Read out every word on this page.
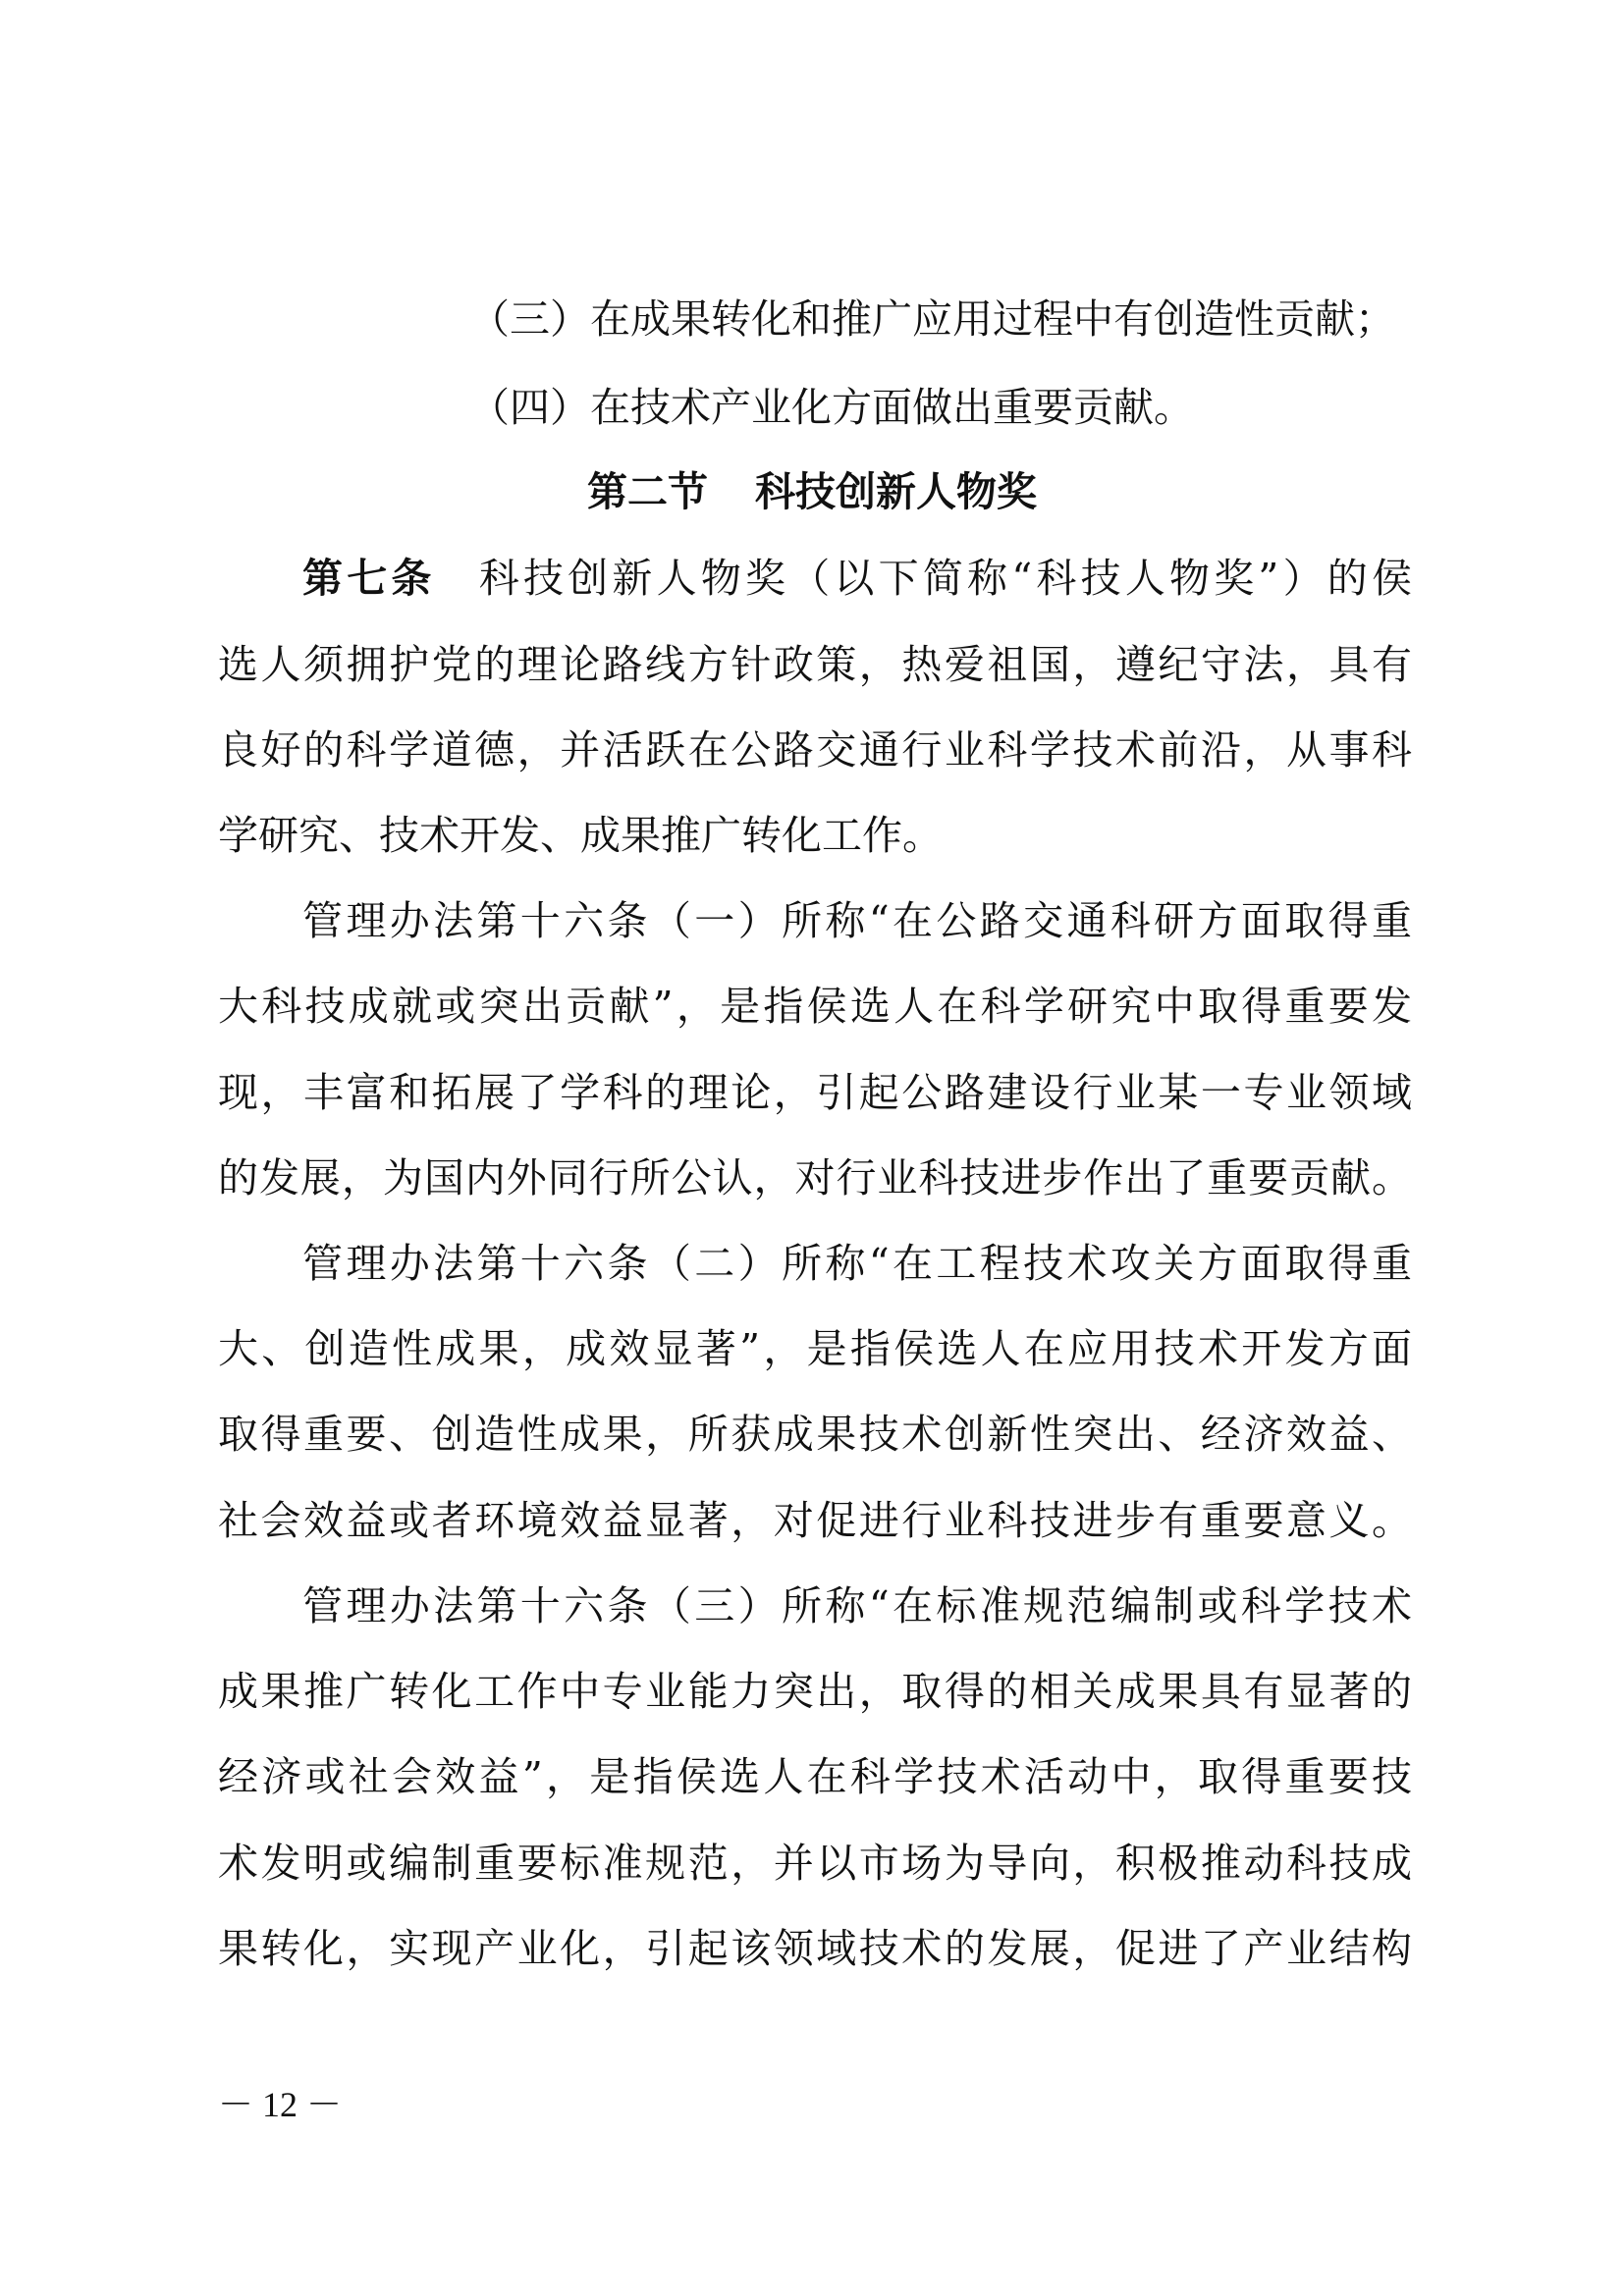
（三）在成果转化和推广应用过程中有创造性贡献；

（四）在技术产业化方面做出重要贡献。

第二节 科技创新人物奖

第七条 科技创新人物奖（以下简称“科技人物奖”）的侯

选人须拥护党的理论路线方针政策，热爱祖国，遵纪守法，具有

良好的科学道德，并活跃在公路交通行业科学技术前沿，从事科

学研究、技术开发、成果推广转化工作。

管理办法第十六条（一）所称“在公路交通科研方面取得重

大科技成就或突出贡献”，是指侯选人在科学研究中取得重要发

现，丰富和拓展了学科的理论，引起公路建设行业某一专业领域

的发展，为国内外同行所公认，对行业科技进步作出了重要贡献。

管理办法第十六条（二）所称“在工程技术攻关方面取得重

大、创造性成果，成效显著”，是指侯选人在应用技术开发方面

取得重要、创造性成果，所获成果技术创新性突出、经济效益、

社会效益或者环境效益显著，对促进行业科技进步有重要意义。

管理办法第十六条（三）所称“在标准规范编制或科学技术

成果推广转化工作中专业能力突出，取得的相关成果具有显著的

经济或社会效益”，是指侯选人在科学技术活动中，取得重要技

术发明或编制重要标准规范，并以市场为导向，积极推动科技成

果转化，实现产业化，引起该领域技术的发展，促进了产业结构

－ 12 －
